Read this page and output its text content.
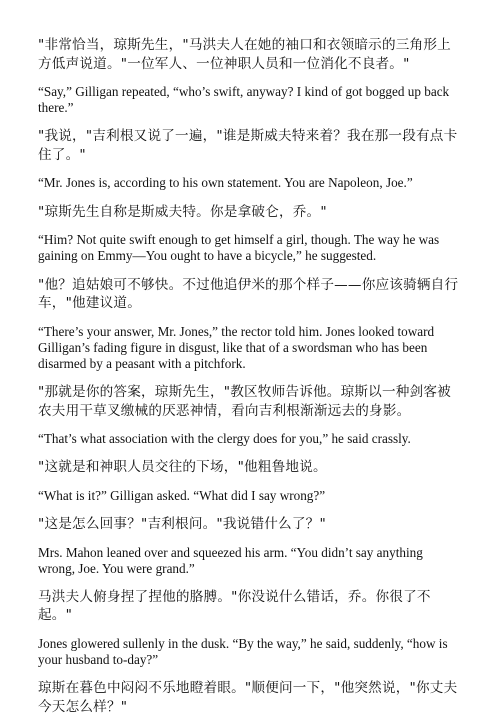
"非常恰当，琼斯先生，"马洪夫人在她的袖口和衣领暗示的三角形上方低声说道。"一位军人、一位神职人员和一位消化不良者。"

“Say,” Gilligan repeated, “who’s swift, anyway? I kind of got bogged up back there.”

"我说，"吉利根又说了一遍，"谁是斯威夫特来着？我在那一段有点卡住了。"

“Mr. Jones is, according to his own statement. You are Napoleon, Joe.”

"琼斯先生自称是斯威夫特。你是拿破仑，乔。"

“Him? Not quite swift enough to get himself a girl, though. The way he was gaining on Emmy—You ought to have a bicycle,” he suggested.

"他？追姑娘可不够快。不过他追伊米的那个样子——你应该骑辆自行车，"他建议道。

“There’s your answer, Mr. Jones,” the rector told him. Jones looked toward Gilligan’s fading figure in disgust, like that of a swordsman who has been disarmed by a peasant with a pitchfork.

"那就是你的答案，琼斯先生，"教区牧师告诉他。琼斯以一种剑客被农夫用干草叉缴械的厌恶神情，看向吉利根渐渐远去的身影。

“That’s what association with the clergy does for you,” he said crassly.

"这就是和神职人员交往的下场，"他粗鲁地说。

“What is it?” Gilligan asked. “What did I say wrong?”

"这是怎么回事？"吉利根问。"我说错什么了？"

Mrs. Mahon leaned over and squeezed his arm. “You didn’t say anything wrong, Joe. You were grand.”

马洪夫人俯身捏了捏他的胳膊。"你没说什么错话，乔。你很了不起。"

Jones glowered sullenly in the dusk. “By the way,” he said, suddenly, “how is your husband to-day?”

琼斯在暮色中闷闷不乐地瞪着眼。"顺便问一下，"他突然说，"你丈夫今天怎么样？"
